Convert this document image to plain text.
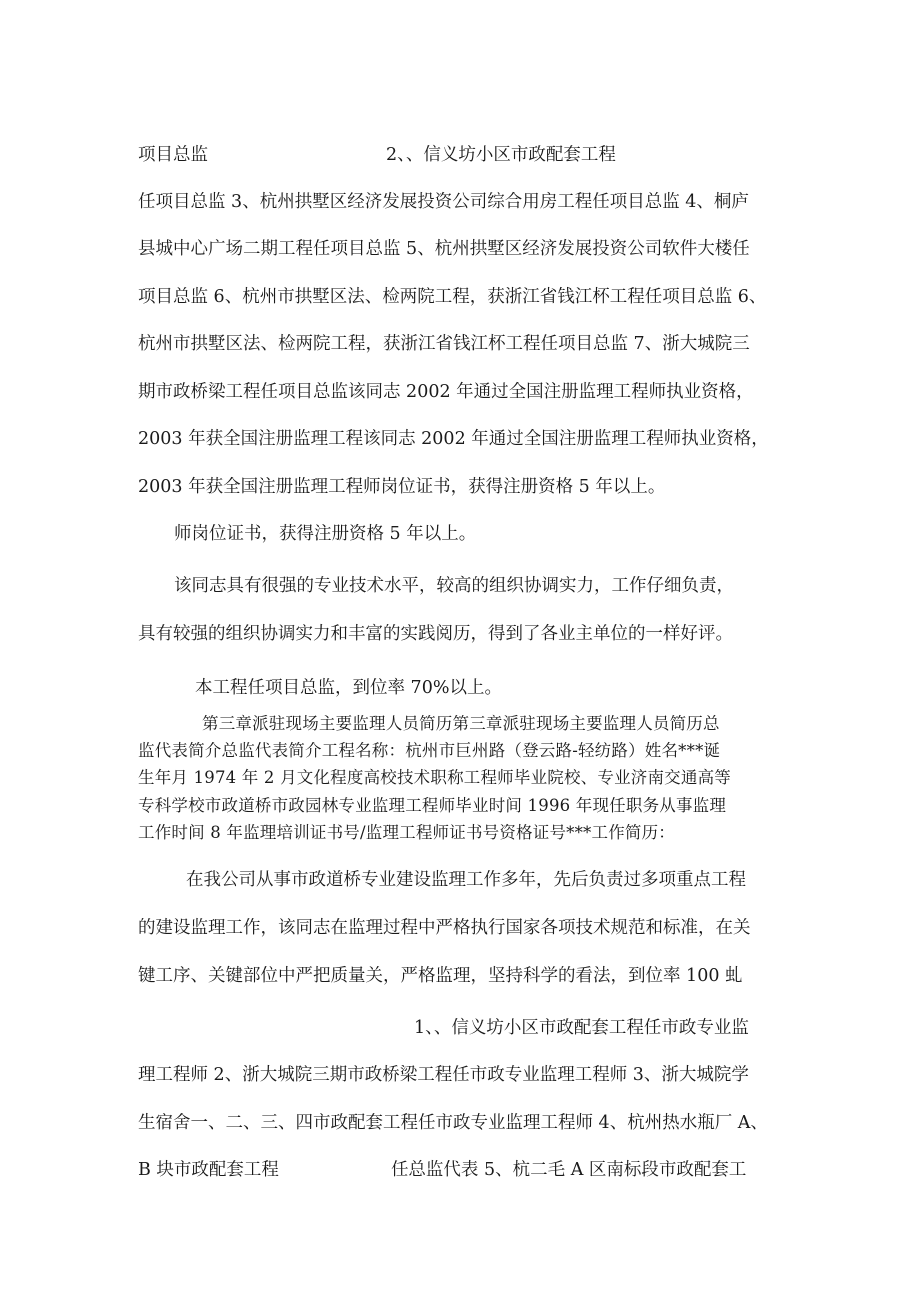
项目总监	2、、信义坊小区市政配套工程
任项目总监 3、杭州拱墅区经济发展投资公司综合用房工程任项目总监 4、桐庐
县城中心广场二期工程任项目总监 5、杭州拱墅区经济发展投资公司软件大楼任
项目总监 6、杭州市拱墅区法、检两院工程，获浙江省钱江杯工程任项目总监 6、
杭州市拱墅区法、检两院工程，获浙江省钱江杯工程任项目总监 7、浙大城院三
期市政桥梁工程任项目总监该同志 2002 年通过全国注册监理工程师执业资格，
2003 年获全国注册监理工程该同志 2002 年通过全国注册监理工程师执业资格，
2003 年获全国注册监理工程师岗位证书，获得注册资格 5 年以上。
师岗位证书，获得注册资格 5 年以上。
该同志具有很强的专业技术水平，较高的组织协调实力，工作仔细负责，
具有较强的组织协调实力和丰富的实践阅历，得到了各业主单位的一样好评。
本工程任项目总监，到位率 70%以上。
第三章派驻现场主要监理人员简历第三章派驻现场主要监理人员简历总
监代表简介总监代表简介工程名称：杭州市巨州路（登云路-轻纺路）姓名***诞
生年月 1974 年 2 月文化程度高校技术职称工程师毕业院校、专业济南交通高等
专科学校市政道桥市政园林专业监理工程师毕业时间 1996 年现任职务从事监理
工作时间 8 年监理培训证书号/监理工程师证书号资格证号***工作简历：
在我公司从事市政道桥专业建设监理工作多年，先后负责过多项重点工程
的建设监理工作，该同志在监理过程中严格执行国家各项技术规范和标准，在关
键工序、关键部位中严把质量关，严格监理，坚持科学的看法，到位率 100 虬
1、、信义坊小区市政配套工程任市政专业监
理工程师 2、浙大城院三期市政桥梁工程任市政专业监理工程师 3、浙大城院学
生宿舍一、二、三、四市政配套工程任市政专业监理工程师 4、杭州热水瓶厂 A、
B 块市政配套工程	任总监代表 5、杭二毛 A 区南标段市政配套工
